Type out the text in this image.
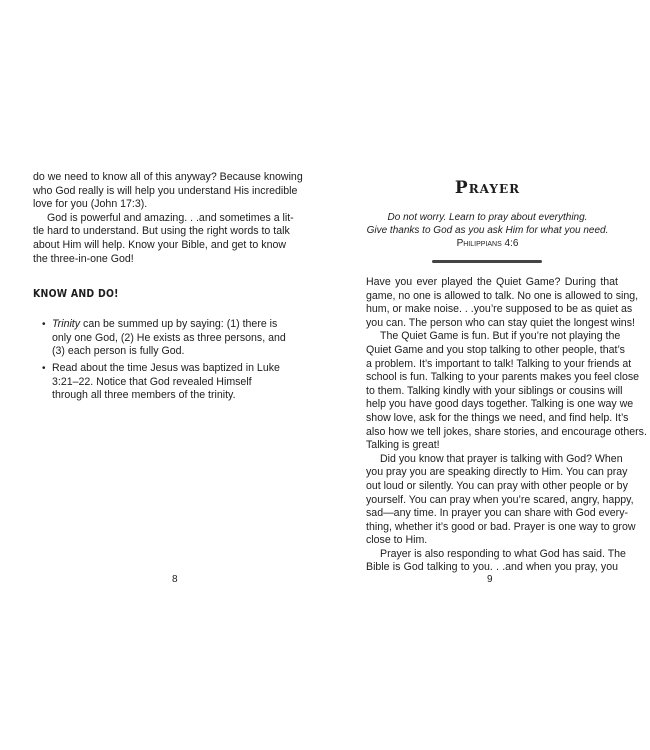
do we need to know all of this anyway? Because knowing
who God really is will help you understand His incredible
love for you (John 17:3).
God is powerful and amazing. . .and sometimes a lit-
tle hard to understand. But using the right words to talk
about Him will help. Know your Bible, and get to know
the three-in-one God!
KNOW AND DO!
• Trinity can be summed up by saying: (1) there is
only one God, (2) He exists as three persons, and
(3) each person is fully God.
• Read about the time Jesus was baptized in Luke
3:21–22. Notice that God revealed Himself
through all three members of the trinity.
8
Prayer
Do not worry. Learn to pray about everything.
Give thanks to God as you ask Him for what you need.
Philippians 4:6
Have you ever played the Quiet Game? During that
game, no one is allowed to talk. No one is allowed to sing,
hum, or make noise. . .you’re supposed to be as quiet as
you can. The person who can stay quiet the longest wins!
The Quiet Game is fun. But if you’re not playing the
Quiet Game and you stop talking to other people, that’s
a problem. It’s important to talk! Talking to your friends at
school is fun. Talking to your parents makes you feel close
to them. Talking kindly with your siblings or cousins will
help you have good days together. Talking is one way we
show love, ask for the things we need, and find help. It’s
also how we tell jokes, share stories, and encourage others.
Talking is great!
Did you know that prayer is talking with God? When
you pray you are speaking directly to Him. You can pray
out loud or silently. You can pray with other people or by
yourself. You can pray when you’re scared, angry, happy,
sad—any time. In prayer you can share with God every-
thing, whether it’s good or bad. Prayer is one way to grow
close to Him.
Prayer is also responding to what God has said. The
Bible is God talking to you. . .and when you pray, you
9
